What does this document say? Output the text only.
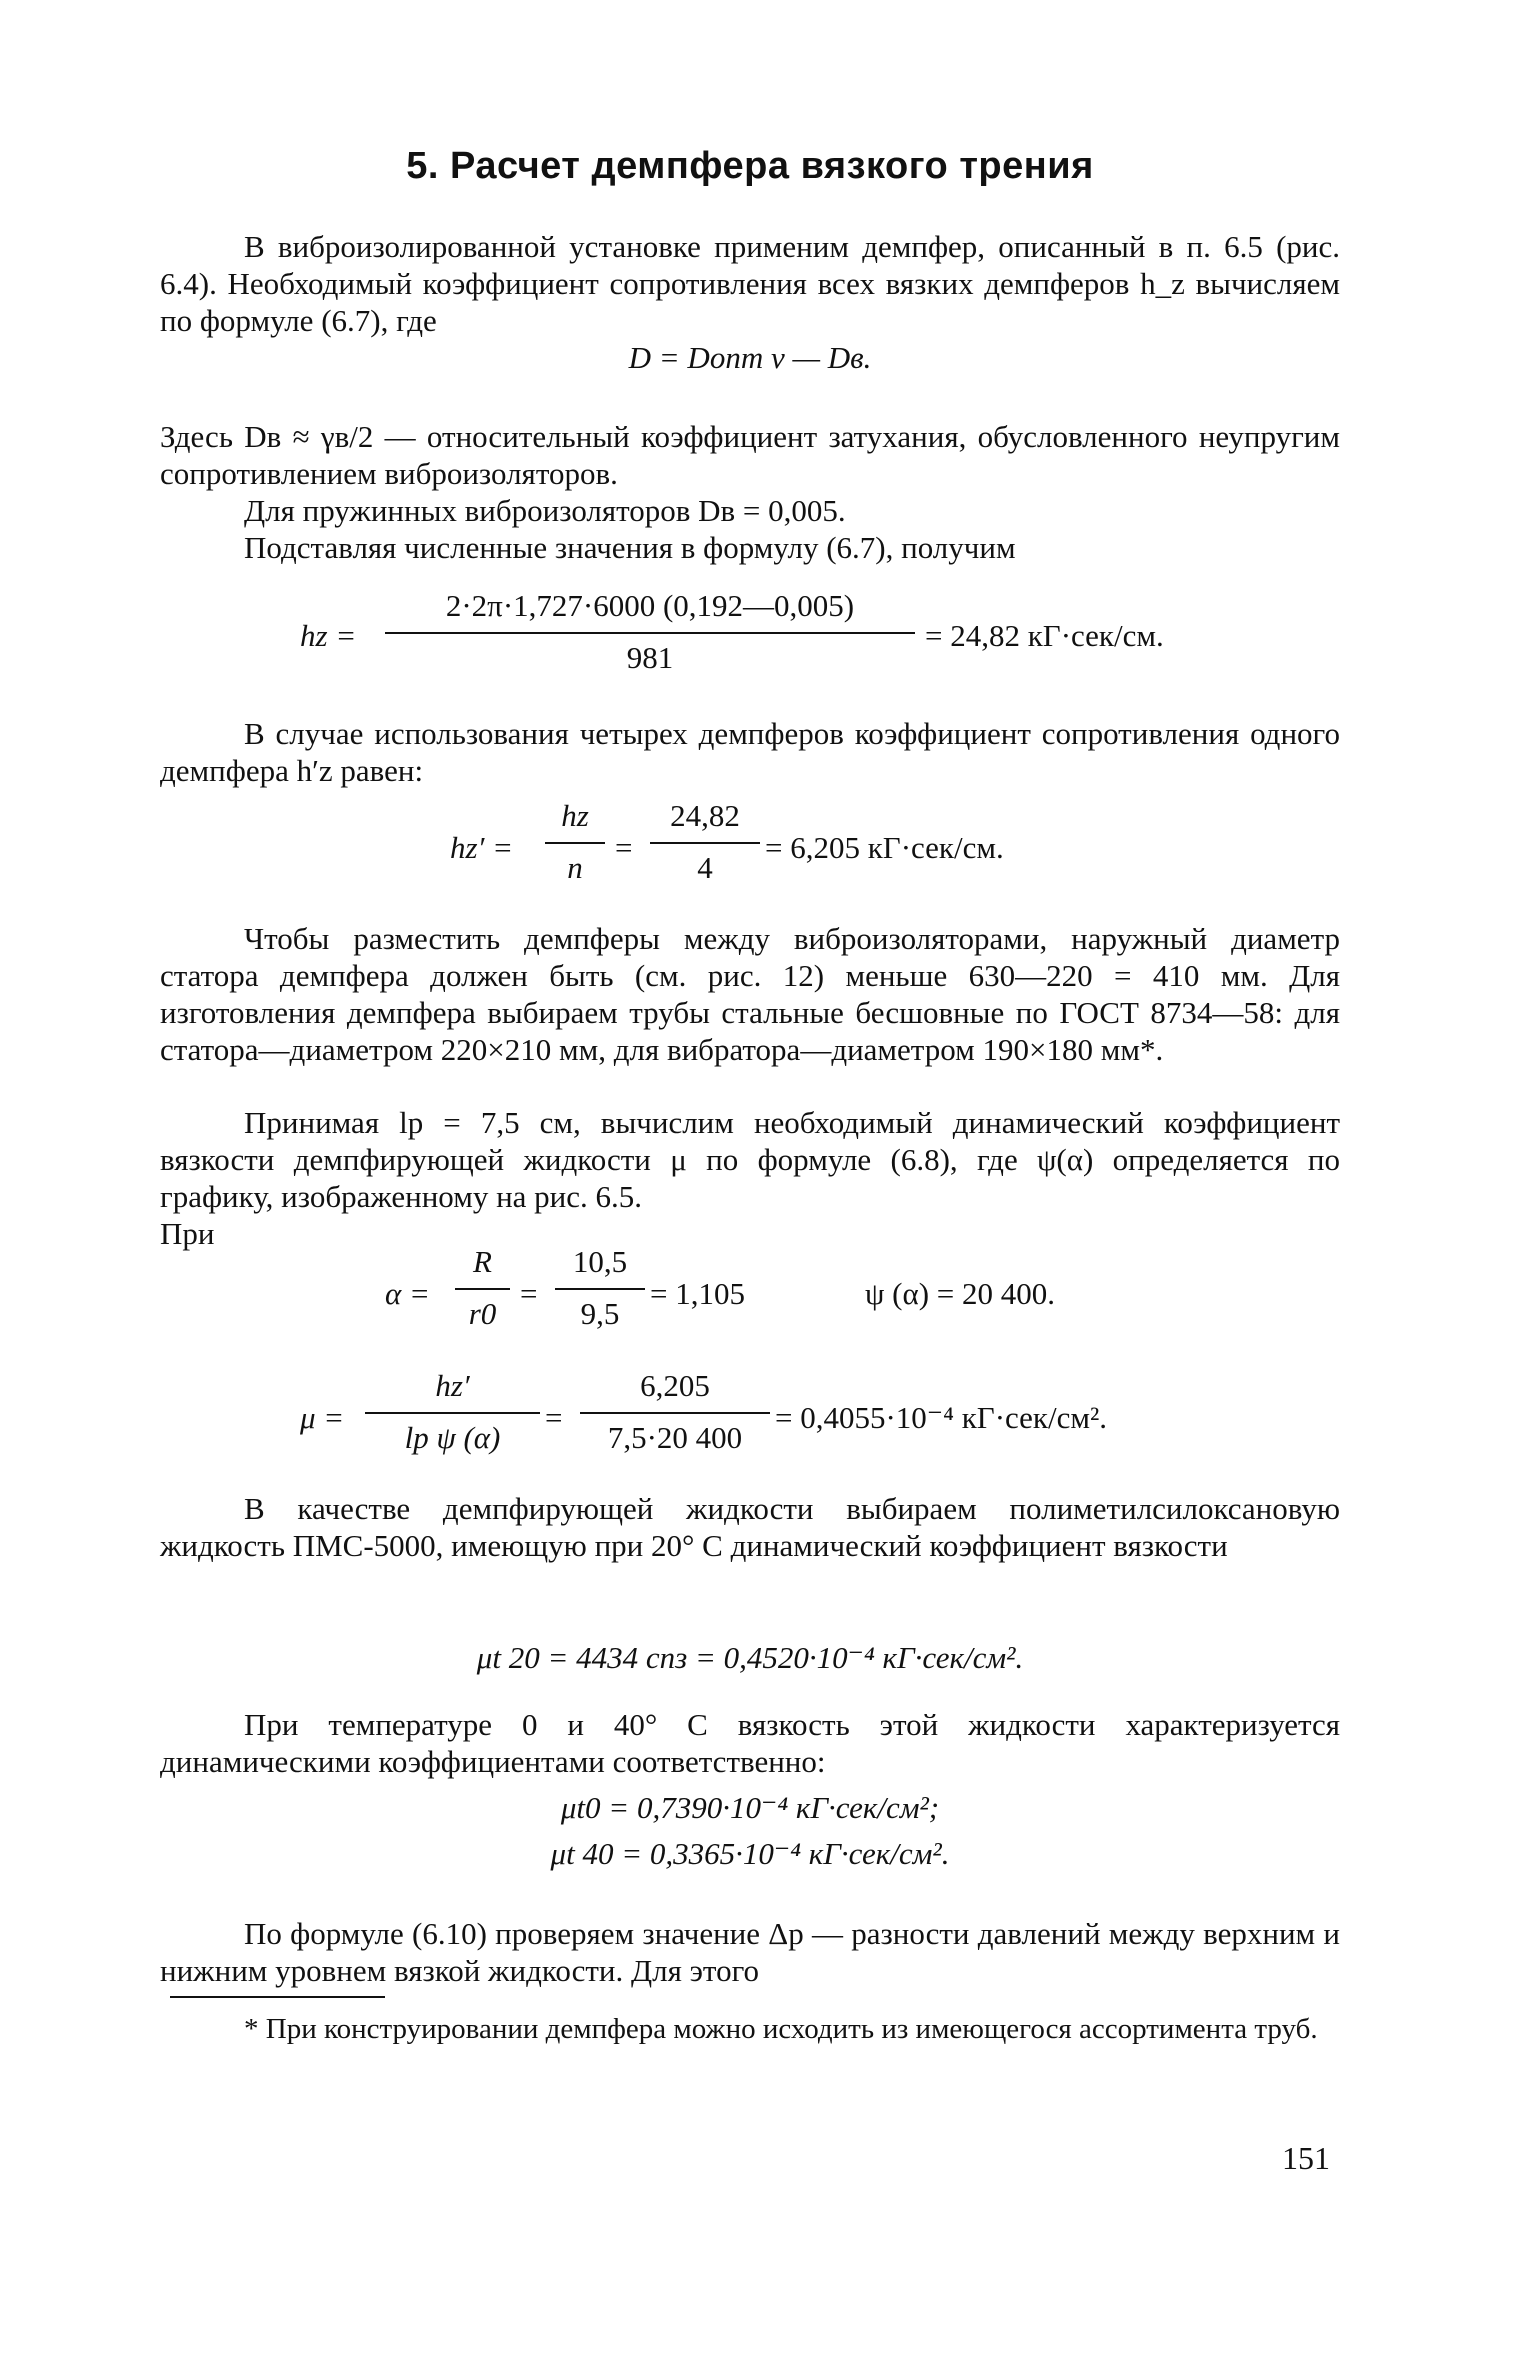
5. Расчет демпфера вязкого трения

В виброизолированной установке применим демпфер, описанный в п. 6.5 (рис. 6.4). Необходимый коэффициент сопротивления всех вязких демпферов h_z вычисляем по формуле (6.7), где

D = Dопт v — Dв.

Здесь Dв ≈ γв/2 — относительный коэффициент затухания, обусловленного неупругим сопротивлением виброизоляторов.

Для пружинных виброизоляторов Dв = 0,005.

Подставляя численные значения в формулу (6.7), получим

hz =
2·2π·1,727·6000 (0,192—0,005)
981
= 24,82 кГ·сек/см.

В случае использования четырех демпферов коэффициент сопротивления одного демпфера h′z равен:

hz′ =
hz
n
=
24,82
4
= 6,205 кГ·сек/см.

Чтобы разместить демпферы между виброизоляторами, наружный диаметр статора демпфера должен быть (см. рис. 12) меньше 630—220 = 410 мм. Для изготовления демпфера выбираем трубы стальные бесшовные по ГОСТ 8734—58: для статора—диаметром 220×210 мм, для вибратора—диаметром 190×180 мм*.

Принимая lр = 7,5 см, вычислим необходимый динамический коэффициент вязкости демпфирующей жидкости μ по формуле (6.8), где ψ(α) определяется по графику, изображенному на рис. 6.5.

При

α =
R
r0
=
10,5
9,5
= 1,105	ψ (α) = 20 400.
μ =
hz′
lр ψ (α)
=
6,205
7,5·20 400
= 0,4055·10⁻⁴ кГ·сек/см².

В качестве демпфирующей жидкости выбираем полиметилсилоксановую жидкость ПМС-5000, имеющую при 20° С динамический коэффициент вязкости

μt 20 = 4434 спз = 0,4520·10⁻⁴ кГ·сек/см².

При температуре 0 и 40° С вязкость этой жидкости характеризуется динамическими коэффициентами соответственно:

μt0 = 0,7390·10⁻⁴ кГ·сек/см²;
μt 40 = 0,3365·10⁻⁴ кГ·сек/см².

По формуле (6.10) проверяем значение Δp — разности давлений между верхним и нижним уровнем вязкой жидкости. Для этого

* При конструировании демпфера можно исходить из имеющегося ассортимента труб.

151
